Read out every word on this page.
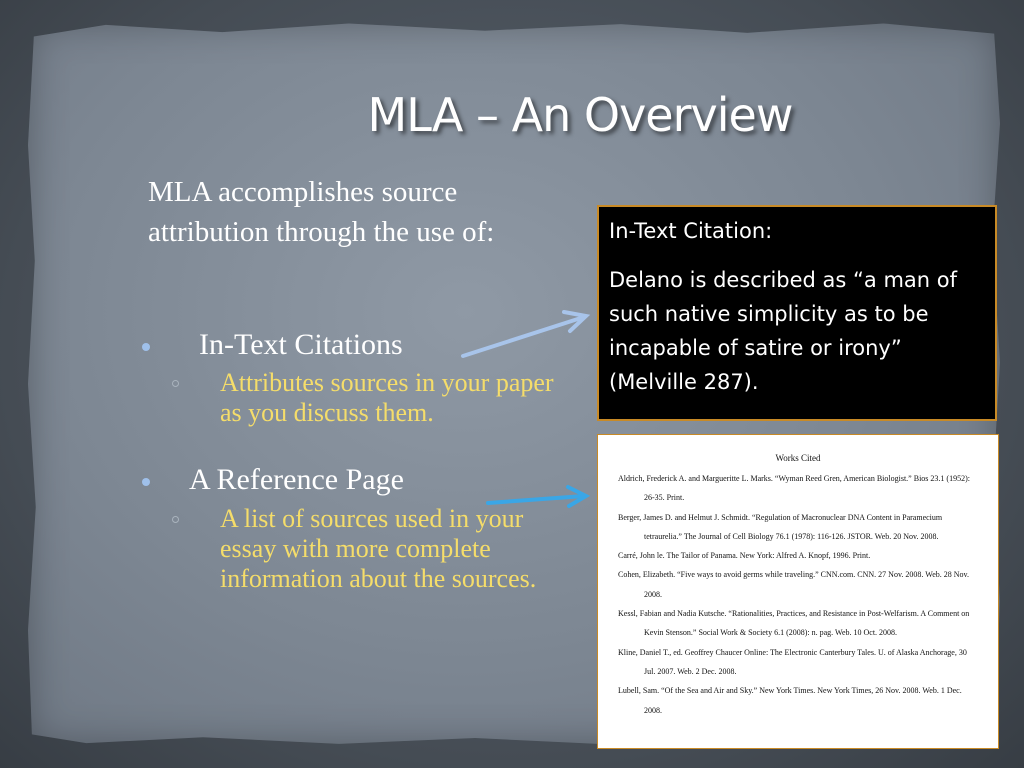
MLA – An Overview
MLA accomplishes source attribution through the use of:
In-Text Citations
Attributes sources in your paper as you discuss them.
A Reference Page
A list of sources used in your essay with more complete information about the sources.
In-Text Citation:
Delano is described as “a man of such native simplicity as to be incapable of satire or irony” (Melville 287).
Works Cited
Aldrich, Frederick A. and Margueritte L. Marks. “Wyman Reed Gren, American Biologist.” Bios 23.1 (1952): 26-35. Print.
Berger, James D. and Helmut J. Schmidt. “Regulation of Macronuclear DNA Content in Paramecium tetraurelia.” The Journal of Cell Biology 76.1 (1978): 116-126. JSTOR. Web. 20 Nov. 2008.
Carré, John le. The Tailor of Panama. New York: Alfred A. Knopf, 1996. Print.
Cohen, Elizabeth. “Five ways to avoid germs while traveling.” CNN.com. CNN. 27 Nov. 2008. Web. 28 Nov. 2008.
Kessl, Fabian and Nadia Kutsche. “Rationalities, Practices, and Resistance in Post-Welfarism. A Comment on Kevin Stenson.” Social Work & Society 6.1 (2008): n. pag. Web. 10 Oct. 2008.
Kline, Daniel T., ed. Geoffrey Chaucer Online: The Electronic Canterbury Tales. U. of Alaska Anchorage, 30 Jul. 2007. Web. 2 Dec. 2008.
Lubell, Sam. “Of the Sea and Air and Sky.” New York Times. New York Times, 26 Nov. 2008. Web. 1 Dec. 2008.
